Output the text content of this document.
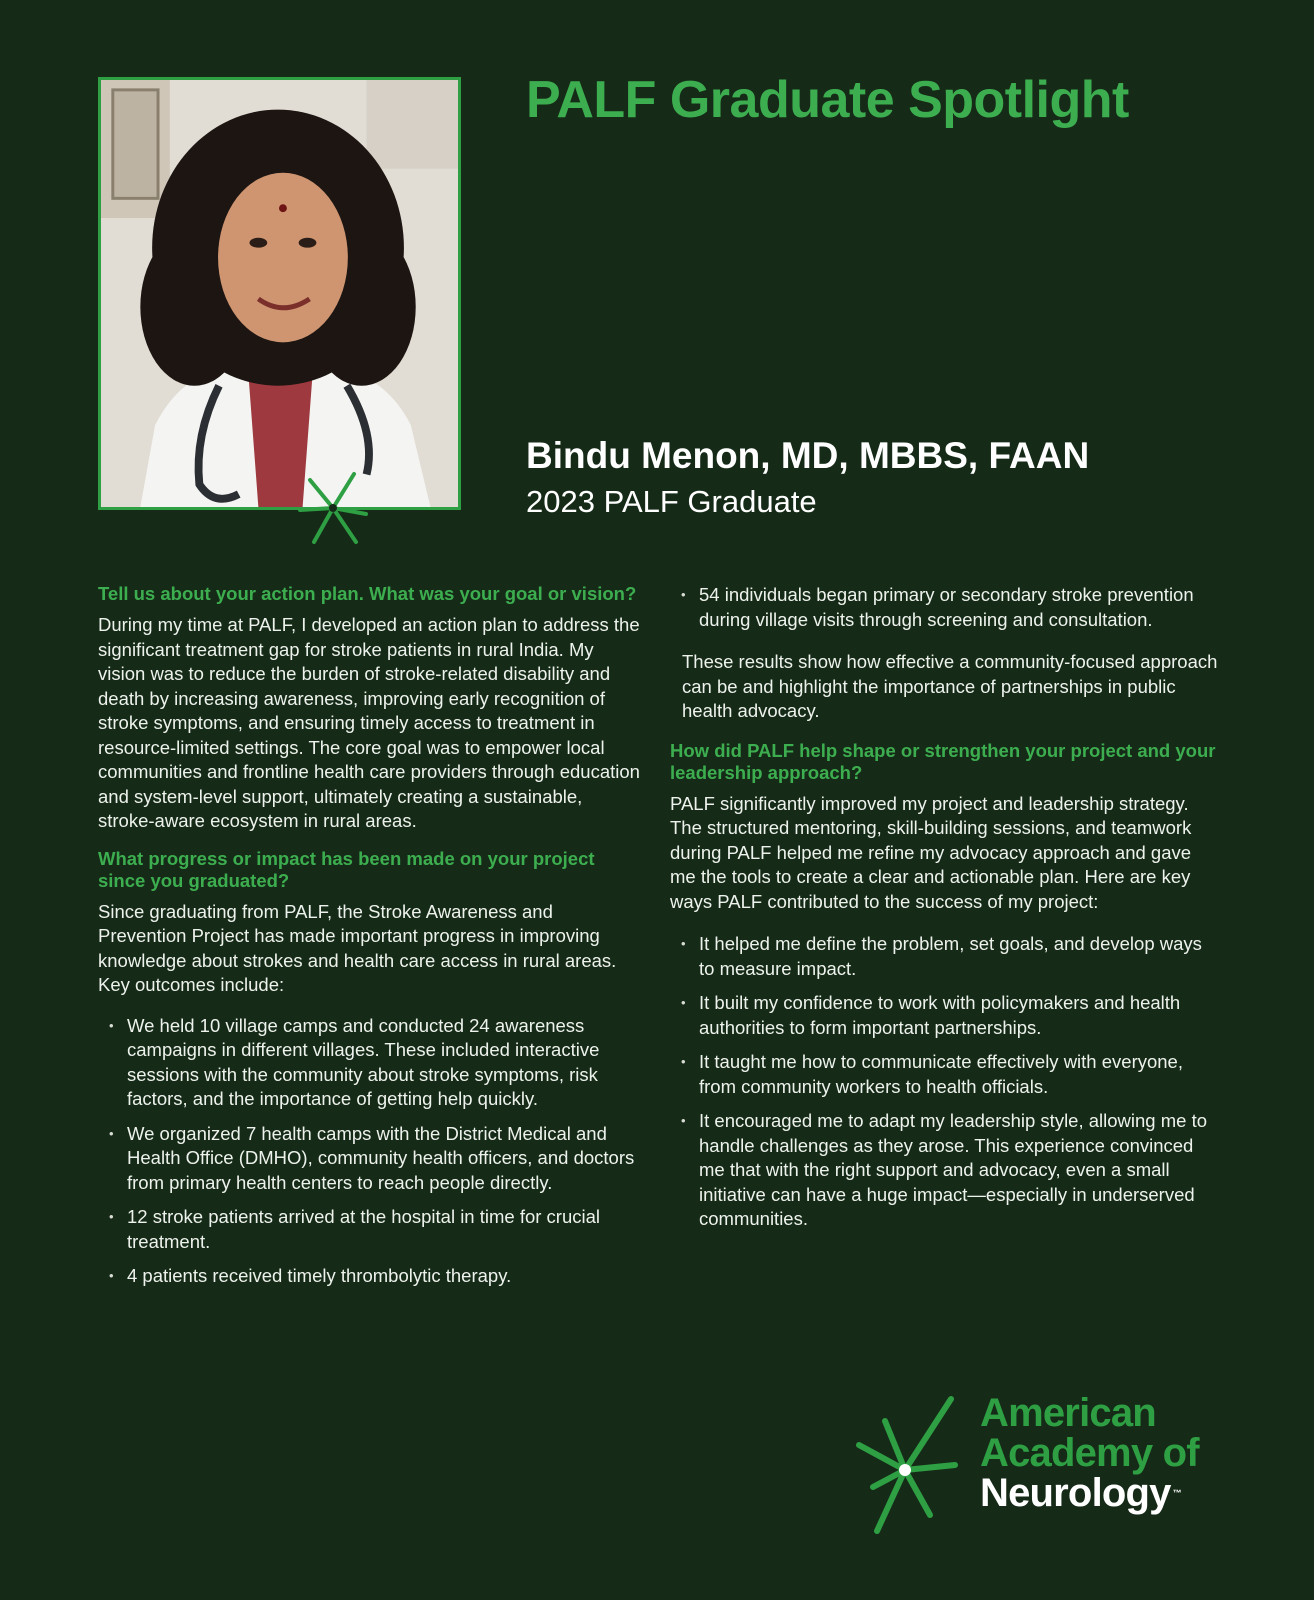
PALF Graduate Spotlight
Bindu Menon, MD, MBBS, FAAN

2023 PALF Graduate

Tell us about your action plan. What was your goal or vision?

During my time at PALF, I developed an action plan to address the significant treatment gap for stroke patients in rural India. My vision was to reduce the burden of stroke-related disability and death by increasing awareness, improving early recognition of stroke symptoms, and ensuring timely access to treatment in resource-limited settings. The core goal was to empower local communities and frontline health care providers through education and system-level support, ultimately creating a sustainable, stroke-aware ecosystem in rural areas.

What progress or impact has been made on your project since you graduated?

Since graduating from PALF, the Stroke Awareness and Prevention Project has made important progress in improving knowledge about strokes and health care access in rural areas. Key outcomes include:

• We held 10 village camps and conducted 24 awareness campaigns in different villages. These included interactive sessions with the community about stroke symptoms, risk factors, and the importance of getting help quickly.
• We organized 7 health camps with the District Medical and Health Office (DMHO), community health officers, and doctors from primary health centers to reach people directly.
• 12 stroke patients arrived at the hospital in time for crucial treatment.
• 4 patients received timely thrombolytic therapy.
• 54 individuals began primary or secondary stroke prevention during village visits through screening and consultation.

These results show how effective a community-focused approach can be and highlight the importance of partnerships in public health advocacy.

How did PALF help shape or strengthen your project and your leadership approach?

PALF significantly improved my project and leadership strategy. The structured mentoring, skill-building sessions, and teamwork during PALF helped me refine my advocacy approach and gave me the tools to create a clear and actionable plan. Here are key ways PALF contributed to the success of my project:

• It helped me define the problem, set goals, and develop ways to measure impact.
• It built my confidence to work with policymakers and health authorities to form important partnerships.
• It taught me how to communicate effectively with everyone, from community workers to health officials.
• It encouraged me to adapt my leadership style, allowing me to handle challenges as they arose. This experience convinced me that with the right support and advocacy, even a small initiative can have a huge impact—especially in underserved communities.
American
Academy of
Neurology ™
